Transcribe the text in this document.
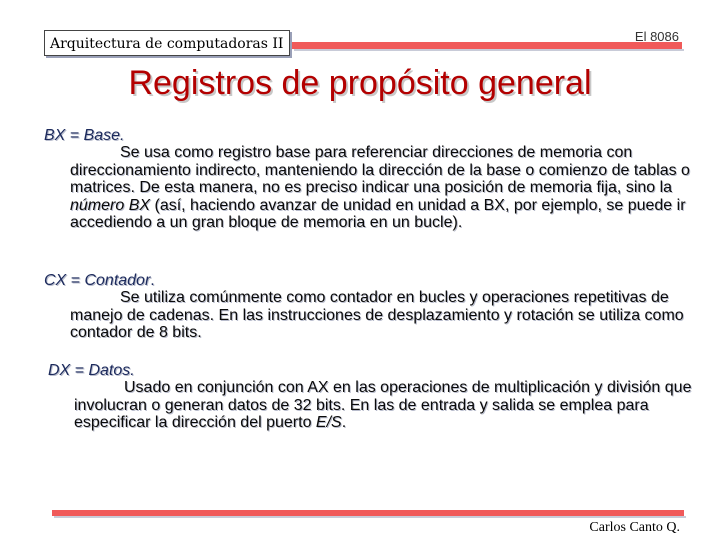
Arquitectura de computadoras II	El 8086
Registros de propósito general
BX = Base.
Se usa como registro base para referenciar direcciones de memoria con direccionamiento indirecto, manteniendo la dirección de la base o comienzo de tablas o matrices. De esta manera, no es preciso indicar una posición de memoria fija, sino la número BX (así, haciendo avanzar de unidad en unidad a BX, por ejemplo, se puede ir accediendo a un gran bloque de memoria en un bucle).
CX = Contador.
Se utiliza comúnmente como contador en bucles y operaciones repetitivas de manejo de cadenas. En las instrucciones de desplazamiento y rotación se utiliza como contador de 8 bits.
DX = Datos.
Usado en conjunción con AX en las operaciones de multiplicación y división que involucran o generan datos de 32 bits. En las de entrada y salida se emplea para especificar la dirección del puerto E/S.
Carlos Canto Q.
